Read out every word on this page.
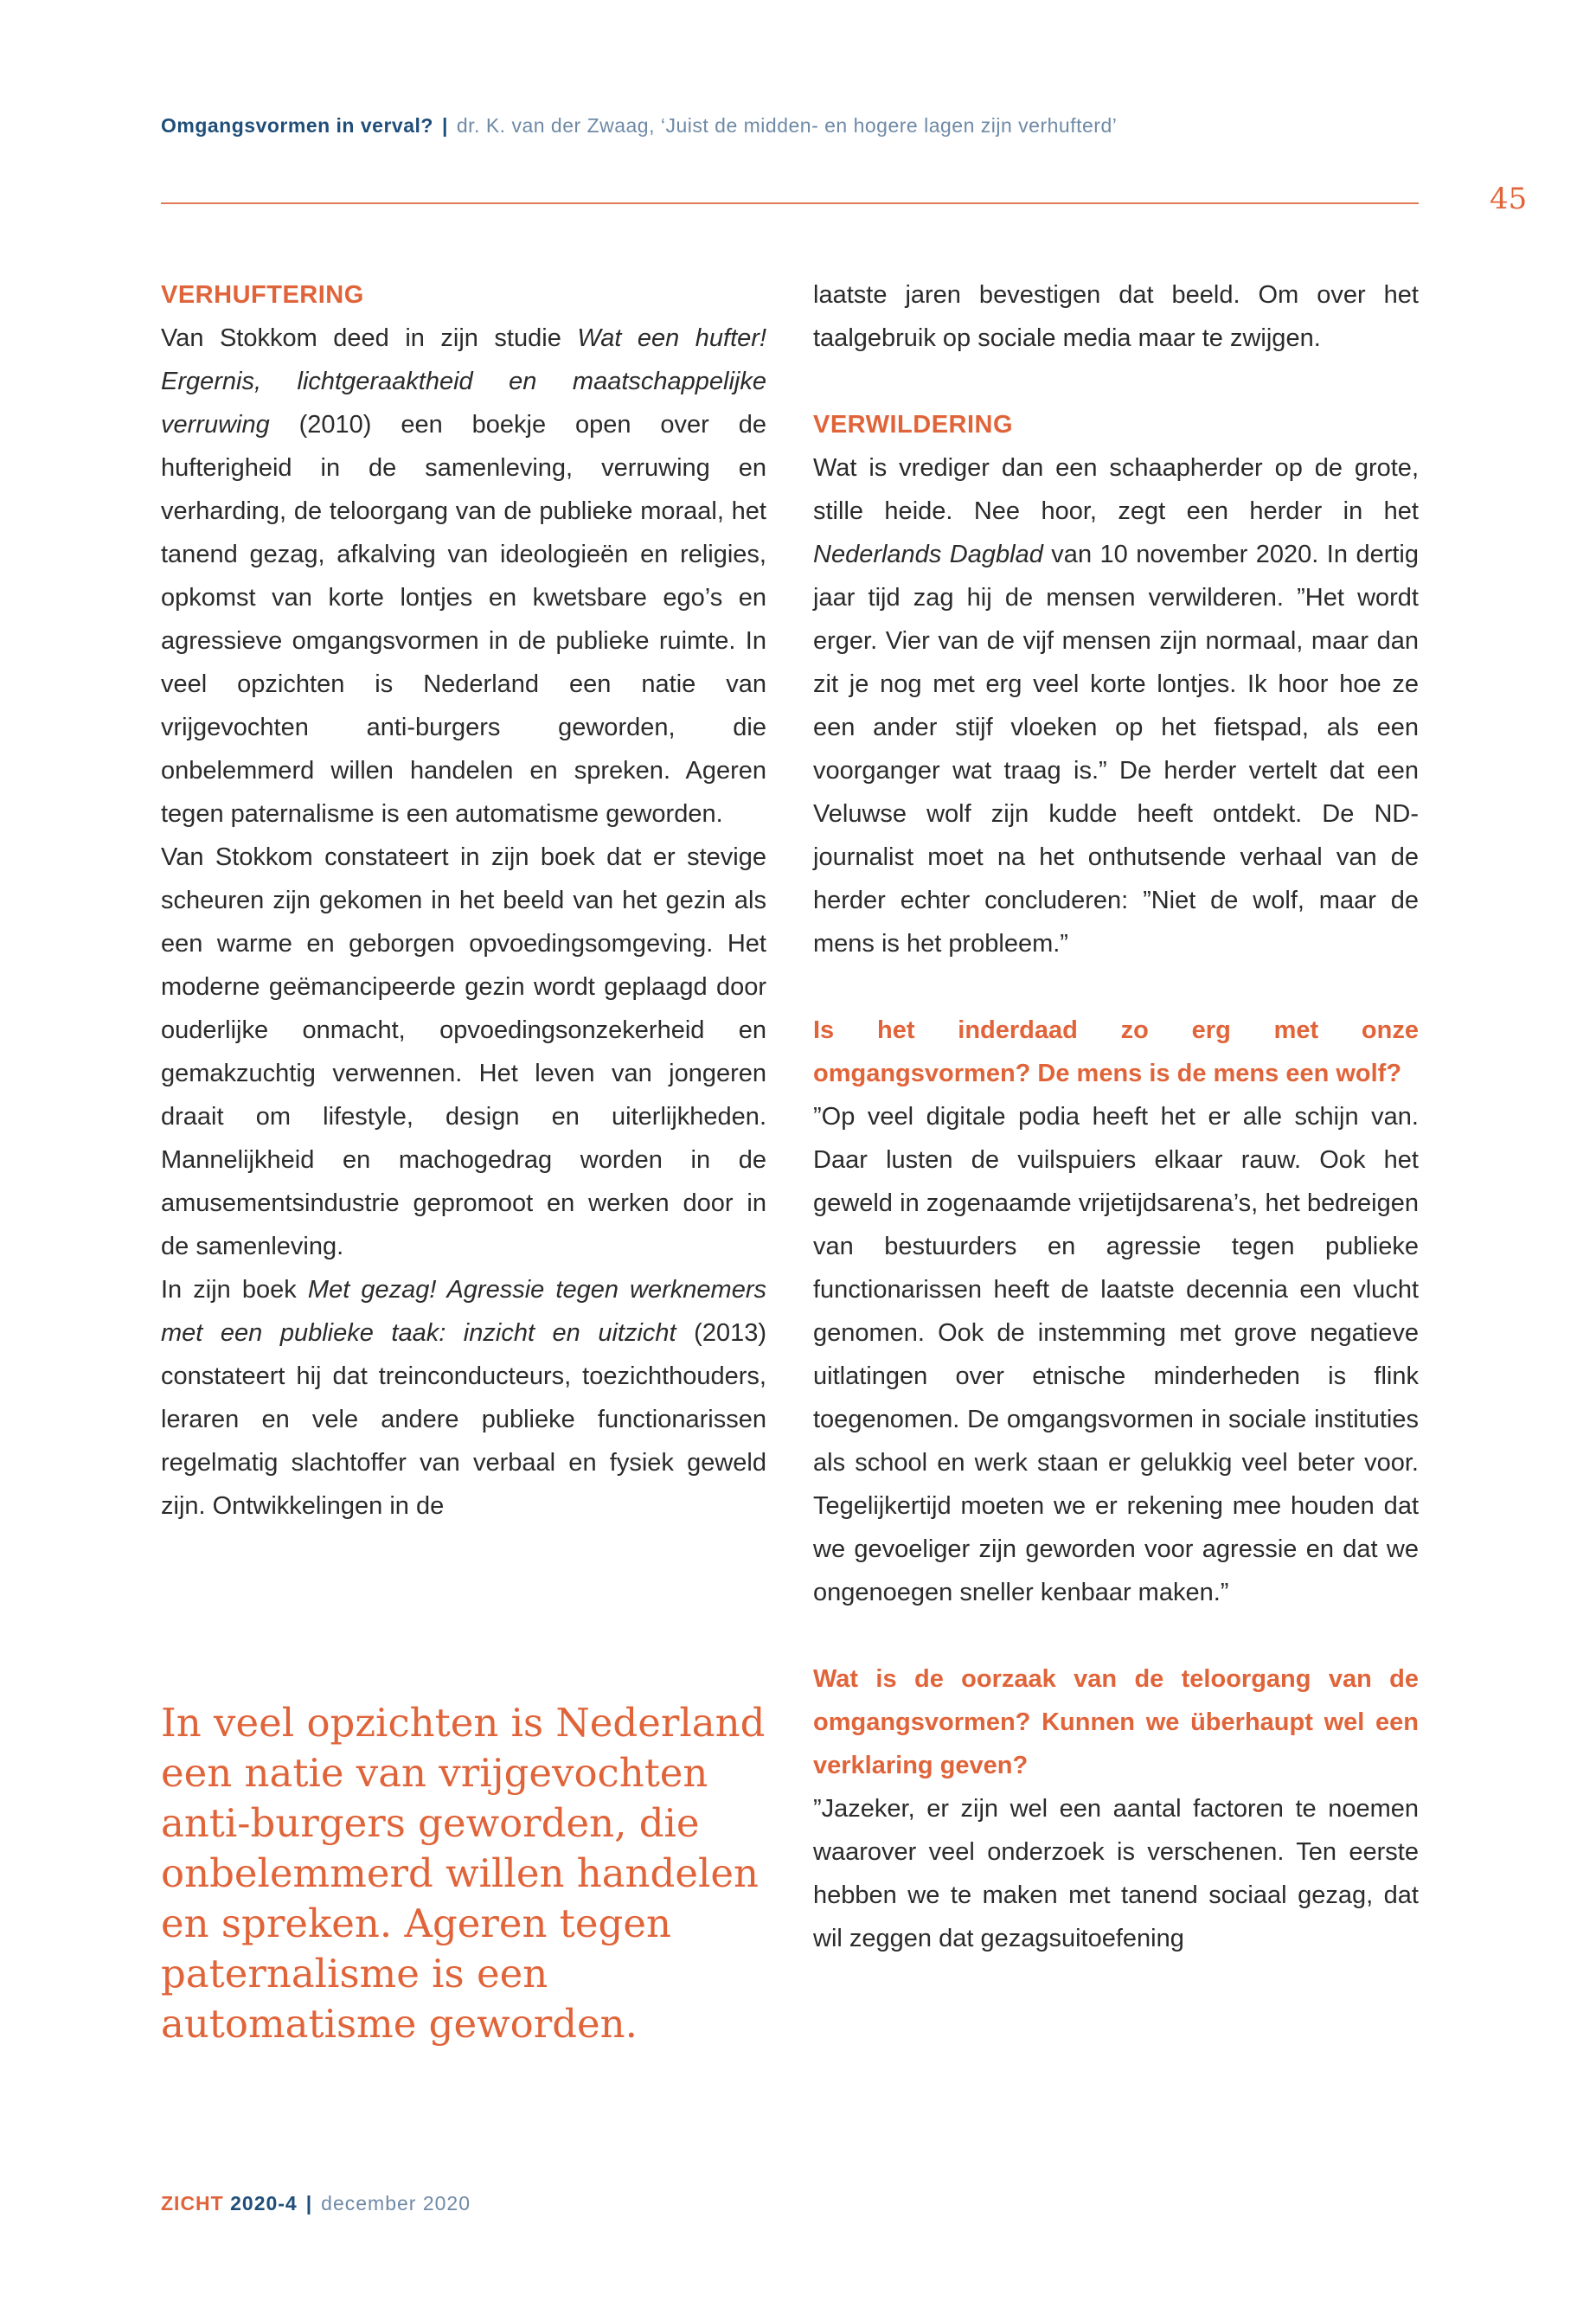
Omgangsvormen in verval? | dr. K. van der Zwaag, ‘Juist de midden- en hogere lagen zijn verhufterd’
45
VERHUFTERING

Van Stokkom deed in zijn studie Wat een hufter! Ergernis, lichtgeraaktheid en maatschappelijke verruwing (2010) een boekje open over de hufterigheid in de samenleving, verruwing en verharding, de teloorgang van de publieke moraal, het tanend gezag, afkalving van ideologieën en religies, opkomst van korte lontjes en kwetsbare ego’s en agressieve omgangsvormen in de publieke ruimte. In veel opzichten is Nederland een natie van vrijgevochten anti-burgers geworden, die onbelemmerd willen handelen en spreken. Ageren tegen paternalisme is een automatisme geworden.

Van Stokkom constateert in zijn boek dat er stevige scheuren zijn gekomen in het beeld van het gezin als een warme en geborgen opvoedingsomgeving. Het moderne geëmancipeerde gezin wordt geplaagd door ouderlijke onmacht, opvoedingsonzekerheid en gemakzuchtig verwennen. Het leven van jongeren draait om lifestyle, design en uiterlijkheden. Mannelijkheid en machogedrag worden in de amusementsindustrie gepromoot en werken door in de samenleving.

In zijn boek Met gezag! Agressie tegen werknemers met een publieke taak: inzicht en uitzicht (2013) constateert hij dat treinconducteurs, toezichthouders, leraren en vele andere publieke functionarissen regelmatig slachtoffer van verbaal en fysiek geweld zijn. Ontwikkelingen in de

In veel opzichten is Nederland een natie van vrijgevochten anti-burgers geworden, die onbelemmerd willen handelen en spreken. Ageren tegen paternalisme is een automatisme geworden.

laatste jaren bevestigen dat beeld. Om over het taalgebruik op sociale media maar te zwijgen.

VERWILDERING

Wat is vrediger dan een schaapherder op de grote, stille heide. Nee hoor, zegt een herder in het Nederlands Dagblad van 10 november 2020. In dertig jaar tijd zag hij de mensen verwilderen. ”Het wordt erger. Vier van de vijf mensen zijn normaal, maar dan zit je nog met erg veel korte lontjes. Ik hoor hoe ze een ander stijf vloeken op het fietspad, als een voorganger wat traag is.” De herder vertelt dat een Veluwse wolf zijn kudde heeft ontdekt. De ND-journalist moet na het onthutsende verhaal van de herder echter concluderen: ”Niet de wolf, maar de mens is het probleem.”

Is het inderdaad zo erg met onze omgangsvormen? De mens is de mens een wolf?

”Op veel digitale podia heeft het er alle schijn van. Daar lusten de vuilspuiers elkaar rauw. Ook het geweld in zogenaamde vrijetijdsarena’s, het bedreigen van bestuurders en agressie tegen publieke functionarissen heeft de laatste decennia een vlucht genomen. Ook de instemming met grove negatieve uitlatingen over etnische minderheden is flink toegenomen. De omgangsvormen in sociale instituties als school en werk staan er gelukkig veel beter voor. Tegelijkertijd moeten we er rekening mee houden dat we gevoeliger zijn geworden voor agressie en dat we ongenoegen sneller kenbaar maken.”

Wat is de oorzaak van de teloorgang van de omgangsvormen? Kunnen we überhaupt wel een verklaring geven?

”Jazeker, er zijn wel een aantal factoren te noemen waarover veel onderzoek is verschenen. Ten eerste hebben we te maken met tanend sociaal gezag, dat wil zeggen dat gezagsuitoefening

ZICHT 2020-4 | december 2020
